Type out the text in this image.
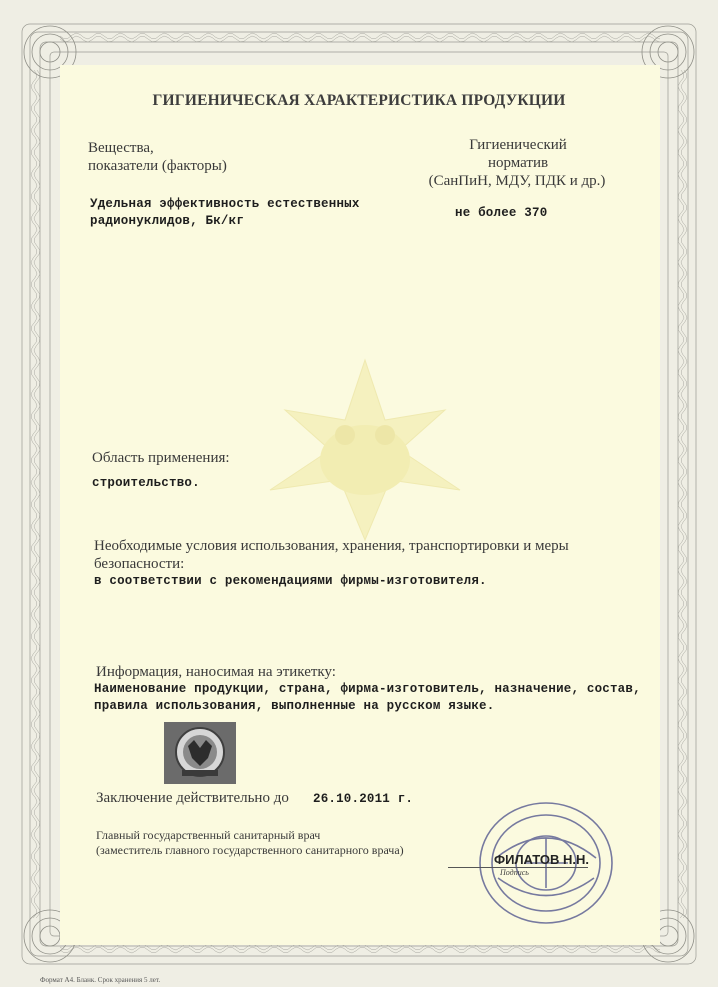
ГИГИЕНИЧЕСКАЯ ХАРАКТЕРИСТИКА ПРОДУКЦИИ
Вещества,
показатели (факторы)
Гигиенический
норматив
(СанПиН, МДУ, ПДК и др.)
Удельная эффективность естественных
радионуклидов, Бк/кг
не более 370
Область применения:
строительство.
Необходимые условия использования, хранения, транспортировки и меры
безопасности:
в соответствии с рекомендациями фирмы-изготовителя.
Информация, наносимая на этикетку:
Наименование продукции, страна, фирма-изготовитель, назначение, состав,
правила использования, выполненные на русском языке.
Заключение действительно до 26.10.2011 г.
Главный государственный санитарный врач
(заместитель главного государственного санитарного врача)
ФИЛАТОВ Н.Н.
Подпись
Формат А4. Бланк. Срок хранения 5 лет.
